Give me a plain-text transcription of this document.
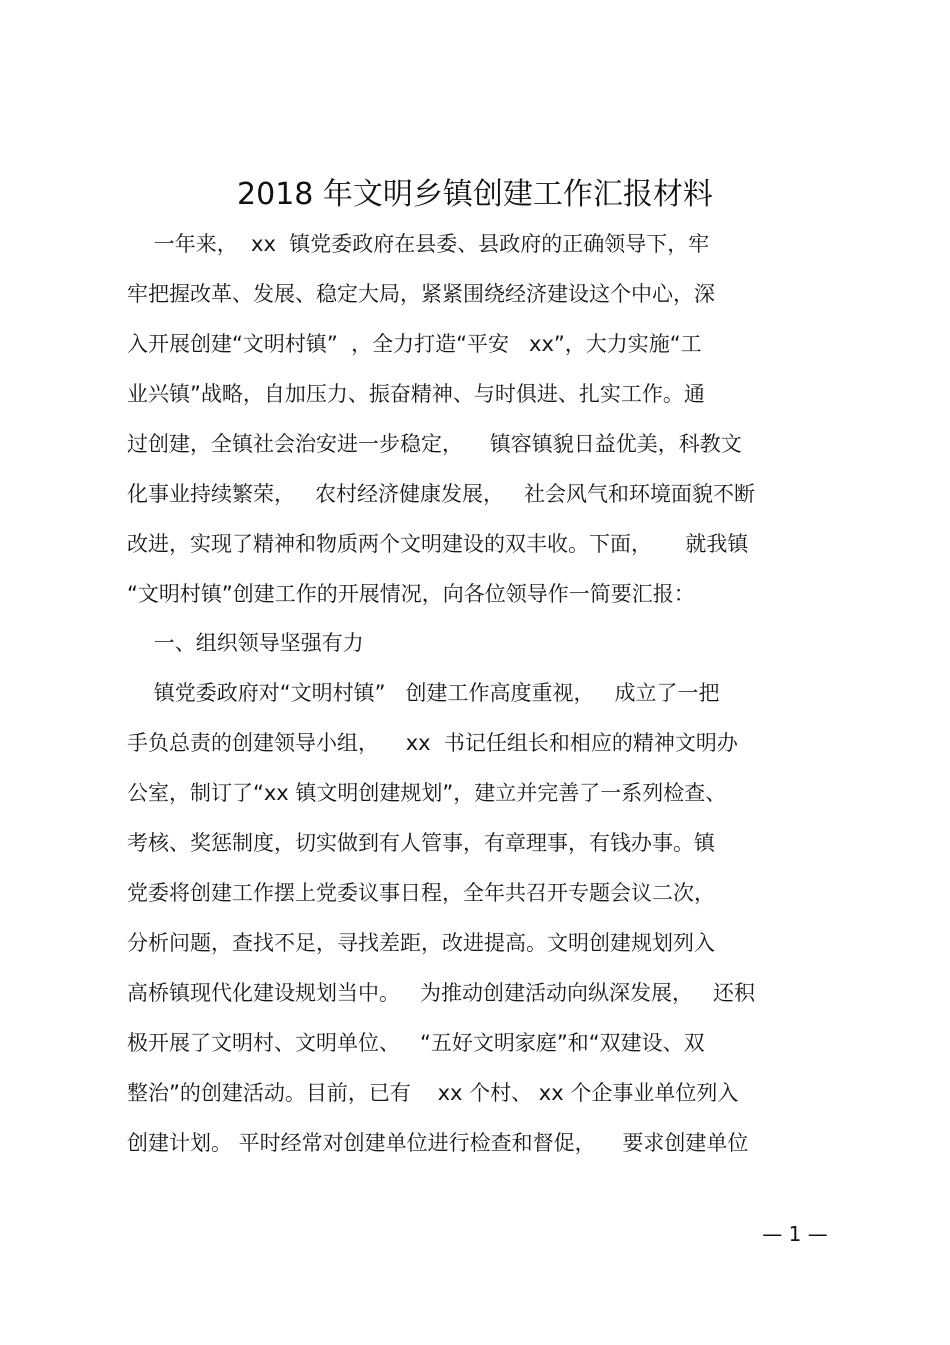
2018 年文明乡镇创建工作汇报材料
一年来，  xx  镇党委政府在县委、县政府的正确领导下，牢
牢把握改革、发展、稳定大局，紧紧围绕经济建设这个中心，深
入开展创建“文明村镇”  ，全力打造“平安   xx”，大力实施“工
业兴镇”战略，自加压力、振奋精神、与时俱进、扎实工作。通
过创建，全镇社会治安进一步稳定，    镇容镇貌日益优美，科教文
化事业持续繁荣，   农村经济健康发展，   社会风气和环境面貌不断
改进，实现了精神和物质两个文明建设的双丰收。下面，     就我镇
“文明村镇”创建工作的开展情况，向各位领导作一简要汇报：
一、组织领导坚强有力
镇党委政府对“文明村镇”   创建工作高度重视，   成立了一把
手负总责的创建领导小组，    xx  书记任组长和相应的精神文明办
公室，制订了“xx 镇文明创建规划”，建立并完善了一系列检查、
考核、奖惩制度，切实做到有人管事，有章理事，有钱办事。镇
党委将创建工作摆上党委议事日程，全年共召开专题会议二次，
分析问题，查找不足，寻找差距，改进提高。文明创建规划列入
高桥镇现代化建设规划当中。   为推动创建活动向纵深发展，   还积
极开展了文明村、文明单位、   “五好文明家庭”和“双建设、双
整治”的创建活动。目前，已有    xx 个村、 xx 个企事业单位列入
创建计划。 平时经常对创建单位进行检查和督促，    要求创建单位
— 1 —
